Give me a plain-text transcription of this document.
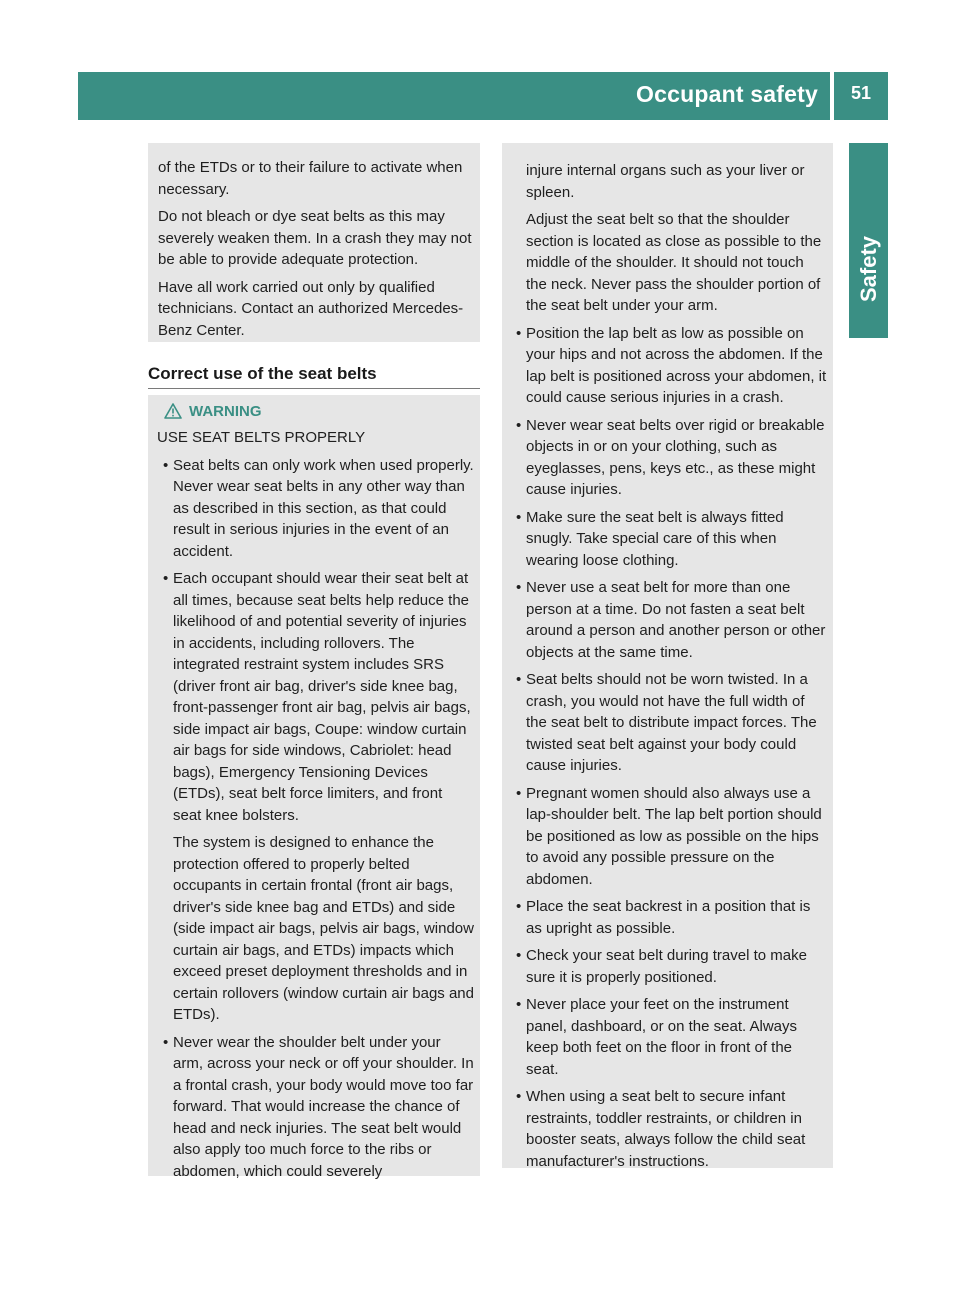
Occupant safety	51
Safety

of the ETDs or to their failure to activate when necessary.

Do not bleach or dye seat belts as this may severely weaken them. In a crash they may not be able to provide adequate protection.

Have all work carried out only by qualified technicians. Contact an authorized Mercedes-Benz Center.

Correct use of the seat belts
WARNING
USE SEAT BELTS PROPERLY
• Seat belts can only work when used properly. Never wear seat belts in any other way than as described in this section, as that could result in serious injuries in the event of an accident.
• Each occupant should wear their seat belt at all times, because seat belts help reduce the likelihood of and potential severity of injuries in accidents, including rollovers. The integrated restraint system includes SRS (driver front air bag, driver's side knee bag, front-passenger front air bag, pelvis air bags, side impact air bags, Coupe: window curtain air bags for side windows, Cabriolet: head bags), Emergency Tensioning Devices (ETDs), seat belt force limiters, and front seat knee bolsters.
The system is designed to enhance the protection offered to properly belted occupants in certain frontal (front air bags, driver's side knee bag and ETDs) and side (side impact air bags, pelvis air bags, window curtain air bags, and ETDs) impacts which exceed preset deployment thresholds and in certain rollovers (window curtain air bags and ETDs).
• Never wear the shoulder belt under your arm, across your neck or off your shoulder. In a frontal crash, your body would move too far forward. That would increase the chance of head and neck injuries. The seat belt would also apply too much force to the ribs or abdomen, which could severely

injure internal organs such as your liver or spleen.

Adjust the seat belt so that the shoulder section is located as close as possible to the middle of the shoulder. It should not touch the neck. Never pass the shoulder portion of the seat belt under your arm.

• Position the lap belt as low as possible on your hips and not across the abdomen. If the lap belt is positioned across your abdomen, it could cause serious injuries in a crash.
• Never wear seat belts over rigid or breakable objects in or on your clothing, such as eyeglasses, pens, keys etc., as these might cause injuries.
• Make sure the seat belt is always fitted snugly. Take special care of this when wearing loose clothing.
• Never use a seat belt for more than one person at a time. Do not fasten a seat belt around a person and another person or other objects at the same time.
• Seat belts should not be worn twisted. In a crash, you would not have the full width of the seat belt to distribute impact forces. The twisted seat belt against your body could cause injuries.
• Pregnant women should also always use a lap-shoulder belt. The lap belt portion should be positioned as low as possible on the hips to avoid any possible pressure on the abdomen.
• Place the seat backrest in a position that is as upright as possible.
• Check your seat belt during travel to make sure it is properly positioned.
• Never place your feet on the instrument panel, dashboard, or on the seat. Always keep both feet on the floor in front of the seat.
• When using a seat belt to secure infant restraints, toddler restraints, or children in booster seats, always follow the child seat manufacturer's instructions.
